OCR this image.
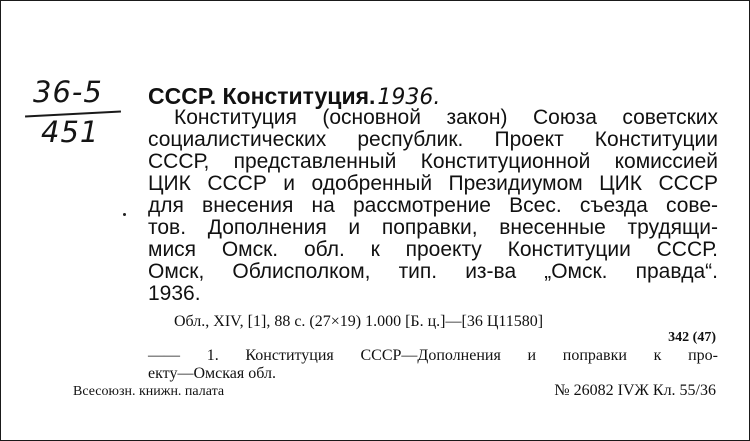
36-5
451
СССР. Конституция.1936.
Конституция (основной закон) Союза советских
социалистических республик. Проект Конституции
СССР, представленный Конституционной комиссией
ЦИК СССР и одобренный Президиумом ЦИК СССР
для внесения на рассмотрение Всес. съезда сове-
тов. Дополнения и поправки, внесенные трудящи-
мися Омск. обл. к проекту Конституции СССР.
Омск, Облисполком, тип. из-ва „Омск. правда“.
1936.
Обл., XIV, [1], 88 с. (27×19) 1.000 [Б. ц.]—[36 Ц11580]
342 (47)
—— 1. Конституция СССР—Дополнения и поправки к про-
екту—Омская обл.
Всесоюзн. книжн. палата	№ 26082 IVЖ Кл. 55/36
